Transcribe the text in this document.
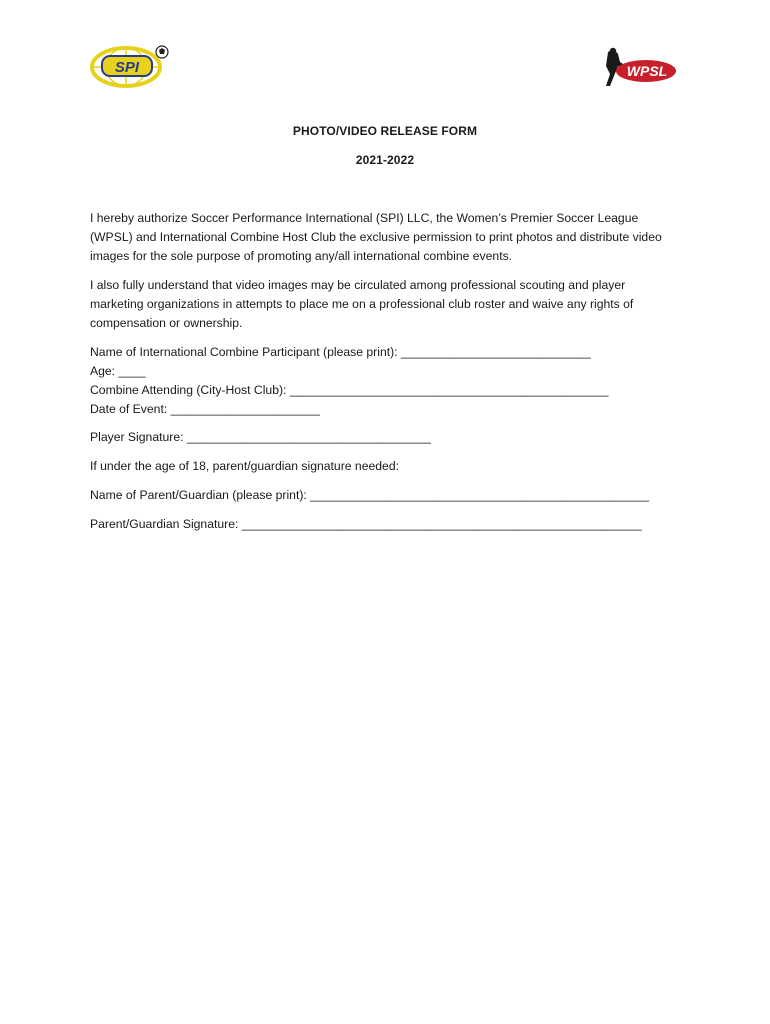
SPI	WPSL
PHOTO/VIDEO RELEASE FORM
2021-2022
I hereby authorize Soccer Performance International (SPI) LLC, the Women’s Premier Soccer League (WPSL) and International Combine Host Club the exclusive permission to print photos and distribute video images for the sole purpose of promoting any/all international combine events.
I also fully understand that video images may be circulated among professional scouting and player marketing organizations in attempts to place me on a professional club roster and waive any rights of compensation or ownership.
Name of International Combine Participant (please print): ____________________________
Age: ____
Combine Attending (City-Host Club): _______________________________________________
Date of Event: ______________________
Player Signature: ____________________________________
If under the age of 18, parent/guardian signature needed:
Name of Parent/Guardian (please print): __________________________________________________
Parent/Guardian Signature: ___________________________________________________________
